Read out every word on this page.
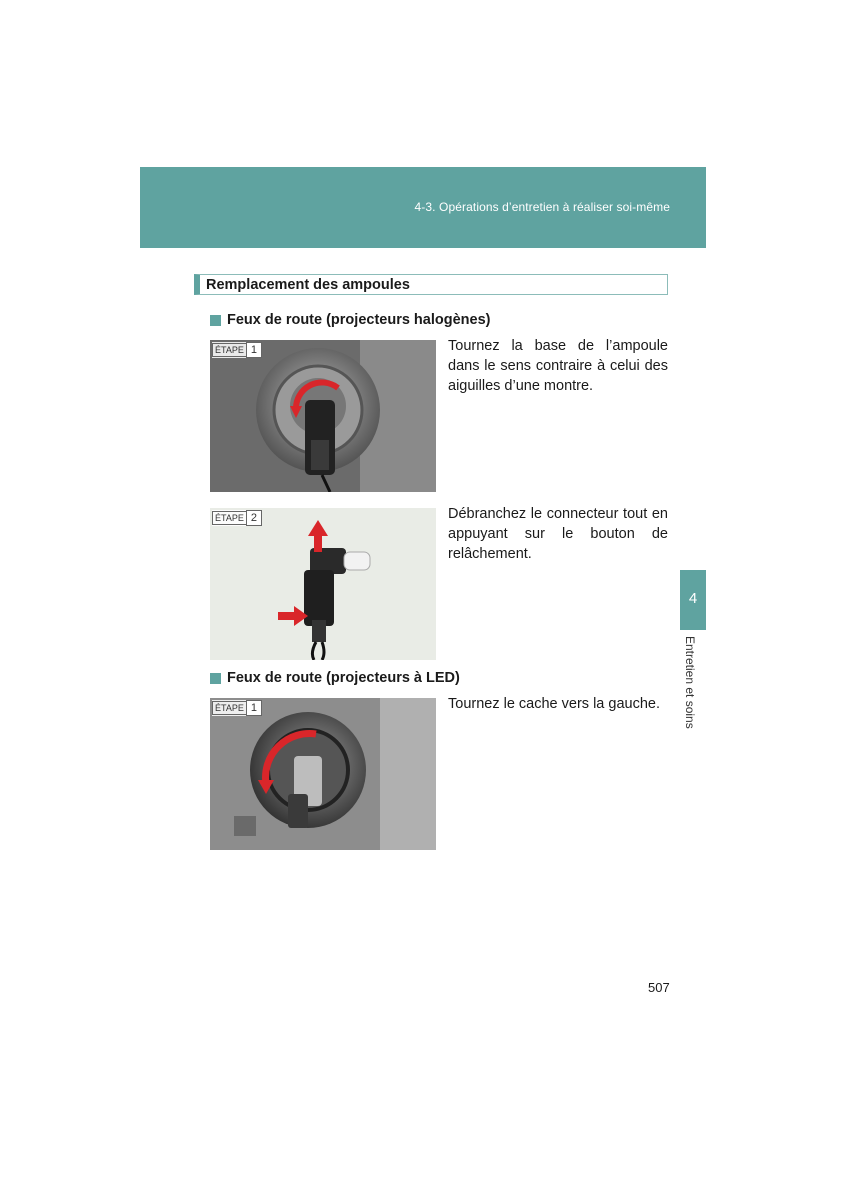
4-3. Opérations d’entretien à réaliser soi-même
4
Entretien et soins
Remplacement des ampoules
Feux de route (projecteurs halogènes)
ÉTAPE 1	Tournez la base de l’ampoule dans le sens contraire à celui des aiguilles d’une montre.
ÉTAPE 2	Débranchez le connecteur tout en appuyant sur le bouton de relâchement.
Feux de route (projecteurs à LED)
ÉTAPE 1	Tournez le cache vers la gauche.
507
